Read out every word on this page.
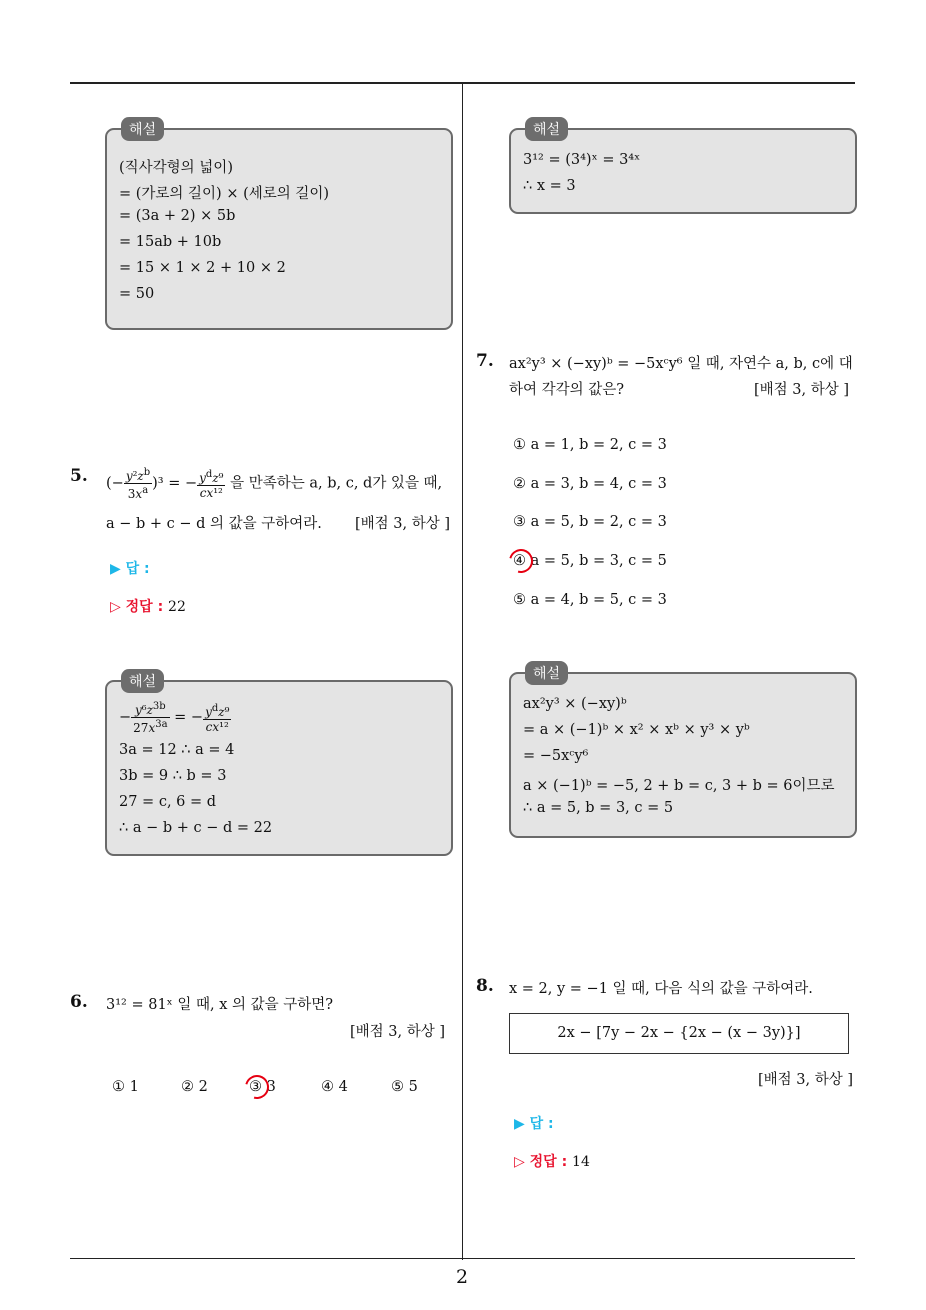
2
해설
(직사각형의 넓이)
= (가로의 길이) × (세로의 길이)
= (3a + 2) × 5b
= 15ab + 10b
= 15 × 1 × 2 + 10 × 2
= 50
5. (− $\frac{y^2z^b}{3x^a} )^3$ = − $\frac{y^dz^9}{\text{cx¹²}}$ 을 만족하는 a, b, c, d가 있을 때,
a − b + c − d 의 값을 구하여라. [배점 3, 하상 ]
▶ 답 :
▷ 정답 : 22
해설
− $\frac{y^6z^{3b}}{27x^{3a}}$ = − $\frac{y^dz^9}{\text{cx¹²}}$
3a = 12 ∴ a = 4
3b = 9 ∴ b = 3
27 = c, 6 = d
∴ a − b + c − d = 22
6. 3¹² = 81ˣ 일 때, x 의 값을 구하면?
[배점 3, 하상 ]
① 1	② 2	③ 3	④ 4	⑤ 5
해설
3¹² = (3⁴)ˣ = 3⁴ˣ
∴ x = 3
7. ax²y³ × (−xy)ᵇ = −5xᶜy⁶ 일 때, 자연수 a, b, c에 대
하여 각각의 값은?	[배점 3, 하상 ]
① a = 1, b = 2, c = 3
② a = 3, b = 4, c = 3
③ a = 5, b = 2, c = 3
④ a = 5, b = 3, c = 5
⑤ a = 4, b = 5, c = 3
해설
ax²y³ × (−xy)ᵇ
= a × (−1)ᵇ × x² × xᵇ × y³ × yᵇ
= −5xᶜy⁶
a × (−1)ᵇ = −5, 2 + b = c, 3 + b = 6이므로
∴ a = 5, b = 3, c = 5
8. x = 2, y = −1 일 때, 다음 식의 값을 구하여라.
2x − [7y − 2x − {2x − (x − 3y)}]
[배점 3, 하상 ]
▶ 답 :
▷ 정답 : 14
